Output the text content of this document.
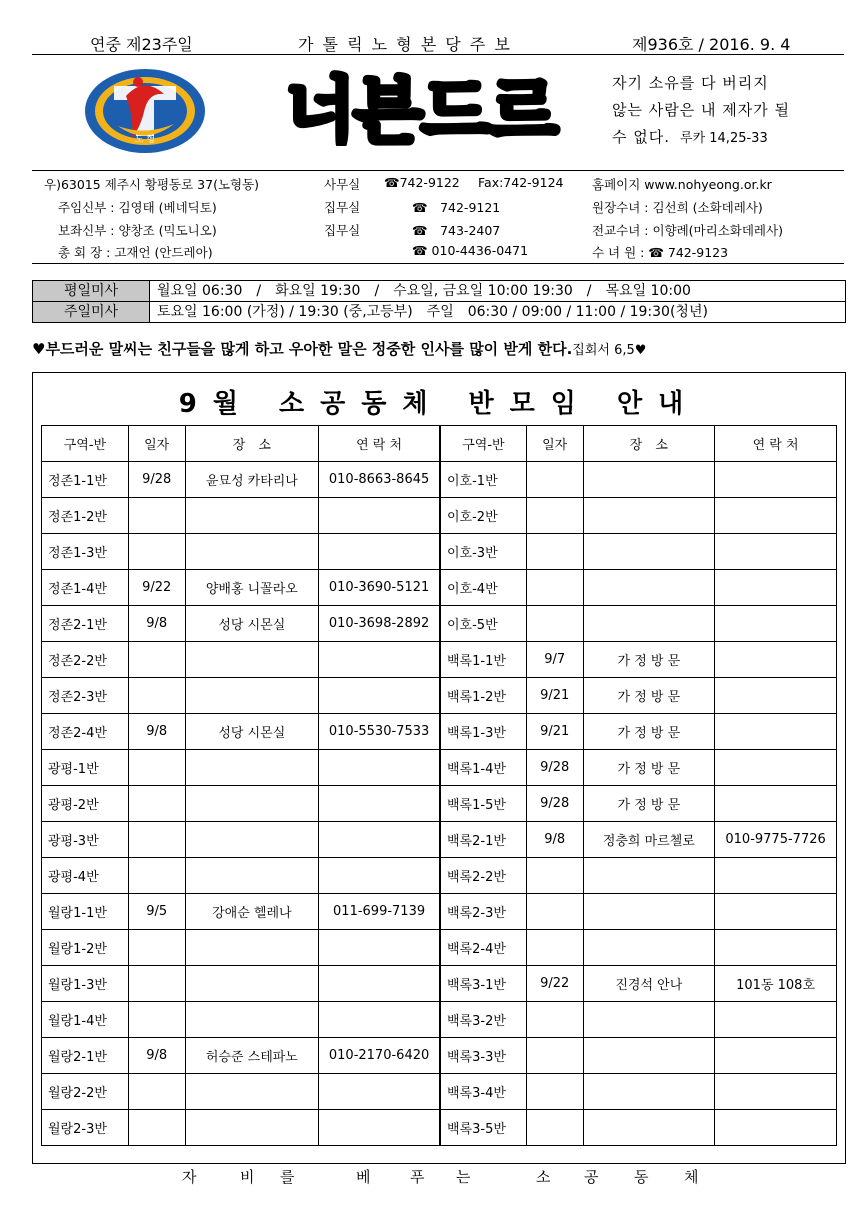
연중 제23주일	가 톨 릭 노 형 본 당 주 보	제936호 / 2016. 9. 4
노 형 너븐드르	자기 소유를 다 버리지
않는 사람은 내 제자가 될
수 없다. 루카 14,25-33
우)63015 제주시 황평동로 37(노형동)	사무실 ☎742-9122 Fax:742-9124 홈페이지 www.nohyeong.or.kr
주임신부 : 김영태 (베네딕토)	집무실	☎　742-9121	원장수녀 : 김선희 (소화데레사)
보좌신부 : 양창조 (믹도니오)	집무실	☎　743-2407	전교수녀 : 이향례(마리소화데레사)
총 회 장 : 고재언 (안드레아)	☎ 010-4436-0471	수 녀 원 : ☎ 742-9123
평일미사	월요일 06:30　/　화요일 19:30　/　수요일, 금요일 10:00 19:30　/　목요일 10:00
주일미사	토요일 16:00 (가정) / 19:30 (중,고등부)　주일　06:30 / 09:00 / 11:00 / 19:30(청년)
♥부드러운 말씨는 친구들을 많게 하고 우아한 말은 정중한 인사를 많이 받게 한다.집회서 6,5♥
9월 소공동체 반모임 안내
구역-반	일자	장　소	연 락 처
정존1-1반	9/28	윤묘성 카타리나	010-8663-8645
정존1-2반			
정존1-3반			
정존1-4반	9/22	양배홍 니꼴라오	010-3690-5121
정존2-1반	9/8	성당 시몬실	010-3698-2892
정존2-2반			
정존2-3반			
정존2-4반	9/8	성당 시몬실	010-5530-7533
광평-1반			
광평-2반			
광평-3반			
광평-4반			
월랑1-1반	9/5	강애순 헬레나	011-699-7139
월랑1-2반			
월랑1-3반			
월랑1-4반			
월랑2-1반	9/8	허승준 스테파노	010-2170-6420
월랑2-2반			
월랑2-3반			
구역-반	일자	장　소	연 락 처
이호-1반			
이호-2반			
이호-3반			
이호-4반			
이호-5반			
백록1-1반	9/7	가 정 방 문	
백록1-2반	9/21	가 정 방 문	
백록1-3반	9/21	가 정 방 문	
백록1-4반	9/28	가 정 방 문	
백록1-5반	9/28	가 정 방 문	
백록2-1반	9/8	정충희 마르첼로	010-9775-7726
백록2-2반			
백록2-3반			
백록2-4반			
백록3-1반	9/22	진경석 안나	101동 108호
백록3-2반			
백록3-3반			
백록3-4반			
백록3-5반			
자	비 를	베	푸 는	소 공 동 체
